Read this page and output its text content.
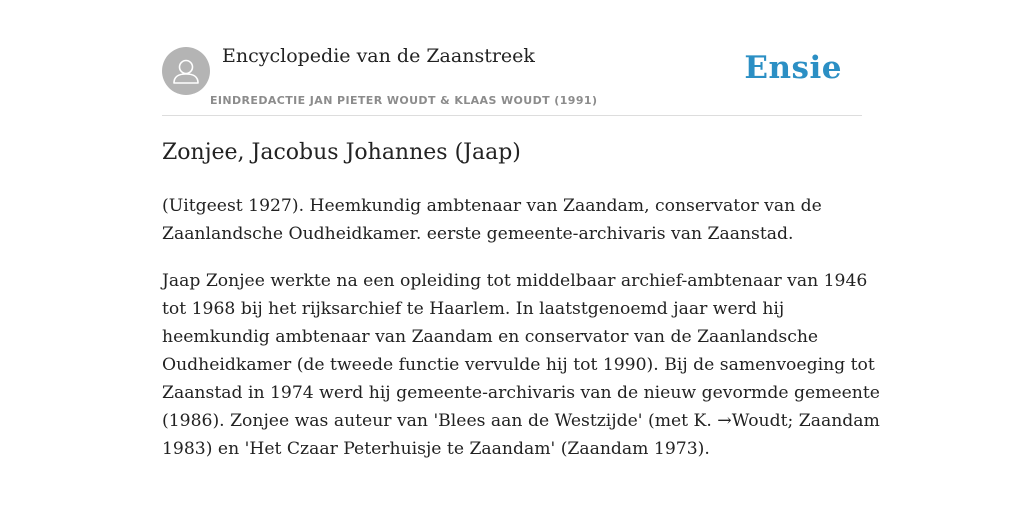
Encyclopedie van de Zaanstreek
EINDREDACTIE JAN PIETER WOUDT & KLAAS WOUDT (1991)
Ensie
Zonjee, Jacobus Johannes (Jaap)

(Uitgeest 1927). Heemkundig ambtenaar van Zaandam, conservator van de
Zaanlandsche Oudheidkamer. eerste gemeente-archivaris van Zaanstad.

Jaap Zonjee werkte na een opleiding tot middelbaar archief-ambtenaar van 1946
tot 1968 bij het rijksarchief te Haarlem. In laatstgenoemd jaar werd hij
heemkundig ambtenaar van Zaandam en conservator van de Zaanlandsche
Oudheidkamer (de tweede functie vervulde hij tot 1990). Bij de samenvoeging tot
Zaanstad in 1974 werd hij gemeente-archivaris van de nieuw gevormde gemeente
(1986). Zonjee was auteur van 'Blees aan de Westzijde' (met K. →Woudt; Zaandam
1983) en 'Het Czaar Peterhuisje te Zaandam' (Zaandam 1973).
